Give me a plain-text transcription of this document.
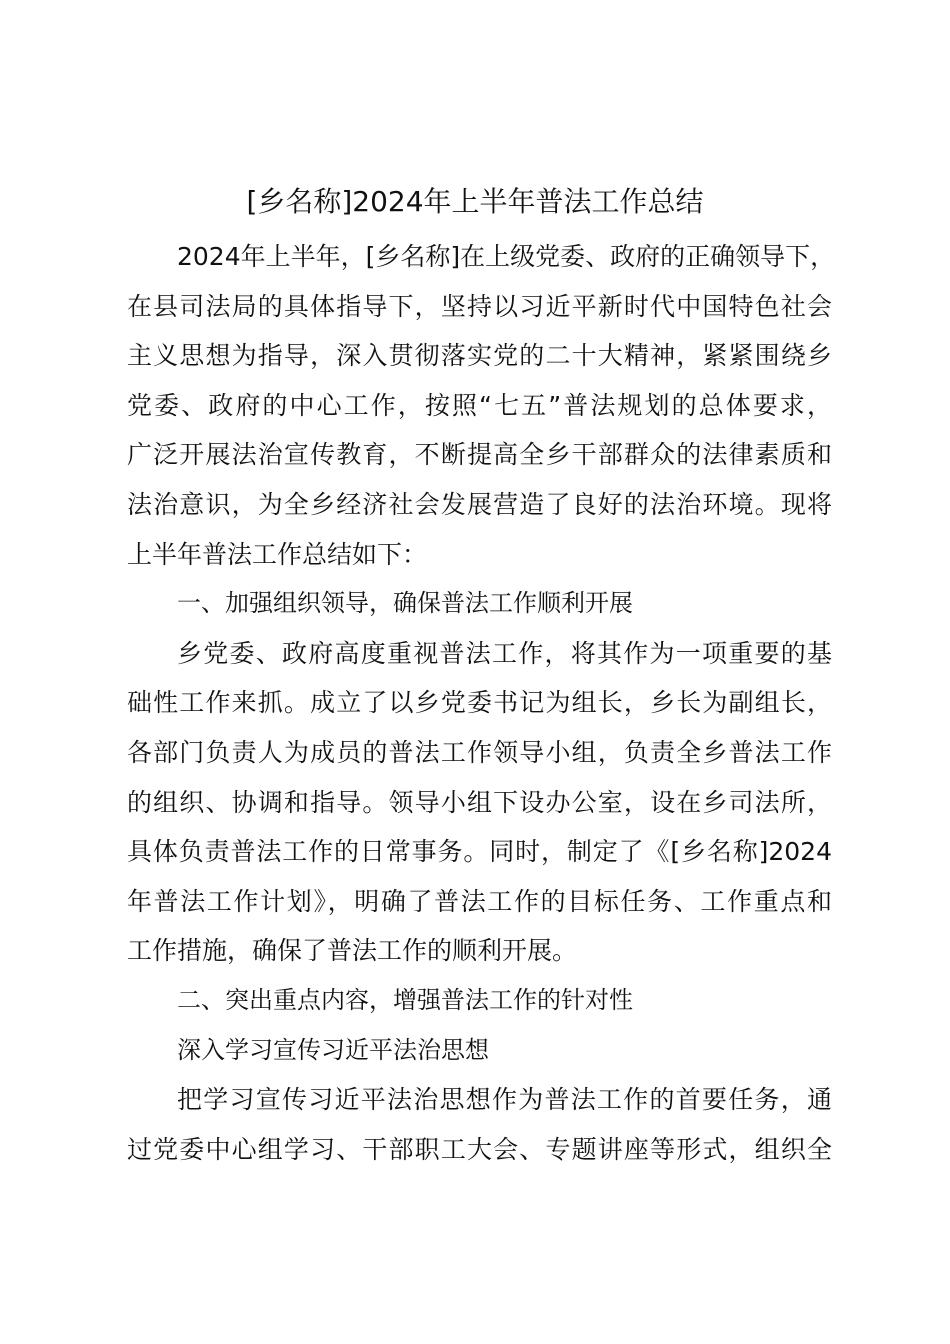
[乡名称]2024年上半年普法工作总结
2024年上半年，[乡名称]在上级党委、政府的正确领导下，
在县司法局的具体指导下，坚持以习近平新时代中国特色社会
主义思想为指导，深入贯彻落实党的二十大精神，紧紧围绕乡
党委、政府的中心工作，按照“七五”普法规划的总体要求，
广泛开展法治宣传教育，不断提高全乡干部群众的法律素质和
法治意识，为全乡经济社会发展营造了良好的法治环境。现将
上半年普法工作总结如下：
一、加强组织领导，确保普法工作顺利开展
乡党委、政府高度重视普法工作，将其作为一项重要的基
础性工作来抓。成立了以乡党委书记为组长，乡长为副组长，
各部门负责人为成员的普法工作领导小组，负责全乡普法工作
的组织、协调和指导。领导小组下设办公室，设在乡司法所，
具体负责普法工作的日常事务。同时，制定了《[乡名称]2024
年普法工作计划》，明确了普法工作的目标任务、工作重点和
工作措施，确保了普法工作的顺利开展。
二、突出重点内容，增强普法工作的针对性
深入学习宣传习近平法治思想
把学习宣传习近平法治思想作为普法工作的首要任务，通
过党委中心组学习、干部职工大会、专题讲座等形式，组织全
